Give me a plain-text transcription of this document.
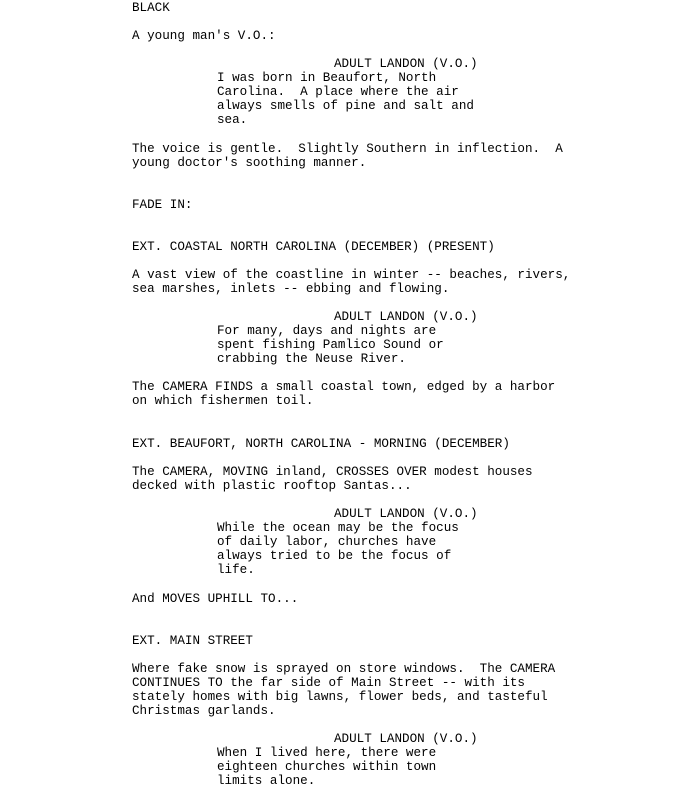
BLACK
A young man's V.O.:
ADULT LANDON (V.O.)
I was born in Beaufort, North
Carolina.  A place where the air
always smells of pine and salt and
sea.
The voice is gentle.  Slightly Southern in inflection.  A
young doctor's soothing manner.
FADE IN:
EXT. COASTAL NORTH CAROLINA (DECEMBER) (PRESENT)
A vast view of the coastline in winter -- beaches, rivers,
sea marshes, inlets -- ebbing and flowing.
ADULT LANDON (V.O.)
For many, days and nights are
spent fishing Pamlico Sound or
crabbing the Neuse River.
The CAMERA FINDS a small coastal town, edged by a harbor
on which fishermen toil.
EXT. BEAUFORT, NORTH CAROLINA - MORNING (DECEMBER)
The CAMERA, MOVING inland, CROSSES OVER modest houses
decked with plastic rooftop Santas...
ADULT LANDON (V.O.)
While the ocean may be the focus
of daily labor, churches have
always tried to be the focus of
life.
And MOVES UPHILL TO...
EXT. MAIN STREET
Where fake snow is sprayed on store windows.  The CAMERA
CONTINUES TO the far side of Main Street -- with its
stately homes with big lawns, flower beds, and tasteful
Christmas garlands.
ADULT LANDON (V.O.)
When I lived here, there were
eighteen churches within town
limits alone.
